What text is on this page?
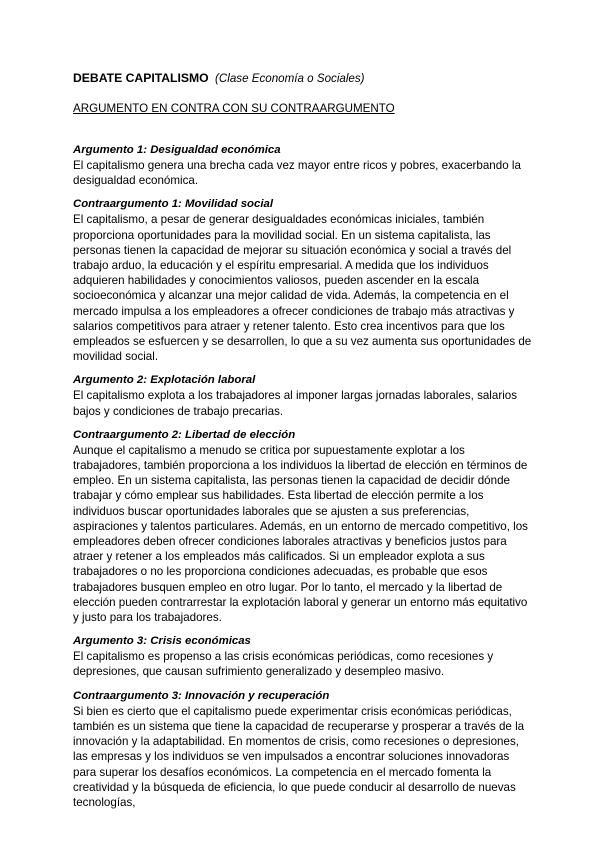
DEBATE CAPITALISMO (Clase Economía o Sociales)

ARGUMENTO EN CONTRA CON SU CONTRAARGUMENTO

Argumento 1: Desigualdad económica

El capitalismo genera una brecha cada vez mayor entre ricos y pobres, exacerbando la desigualdad económica.

Contraargumento 1: Movilidad social

El capitalismo, a pesar de generar desigualdades económicas iniciales, también proporciona oportunidades para la movilidad social. En un sistema capitalista, las personas tienen la capacidad de mejorar su situación económica y social a través del trabajo arduo, la educación y el espíritu empresarial. A medida que los individuos adquieren habilidades y conocimientos valiosos, pueden ascender en la escala socioeconómica y alcanzar una mejor calidad de vida. Además, la competencia en el mercado impulsa a los empleadores a ofrecer condiciones de trabajo más atractivas y salarios competitivos para atraer y retener talento. Esto crea incentivos para que los empleados se esfuercen y se desarrollen, lo que a su vez aumenta sus oportunidades de movilidad social.

Argumento 2: Explotación laboral

El capitalismo explota a los trabajadores al imponer largas jornadas laborales, salarios bajos y condiciones de trabajo precarias.

Contraargumento 2: Libertad de elección

Aunque el capitalismo a menudo se critica por supuestamente explotar a los trabajadores, también proporciona a los individuos la libertad de elección en términos de empleo. En un sistema capitalista, las personas tienen la capacidad de decidir dónde trabajar y cómo emplear sus habilidades. Esta libertad de elección permite a los individuos buscar oportunidades laborales que se ajusten a sus preferencias, aspiraciones y talentos particulares. Además, en un entorno de mercado competitivo, los empleadores deben ofrecer condiciones laborales atractivas y beneficios justos para atraer y retener a los empleados más calificados. Si un empleador explota a sus trabajadores o no les proporciona condiciones adecuadas, es probable que esos trabajadores busquen empleo en otro lugar. Por lo tanto, el mercado y la libertad de elección pueden contrarrestar la explotación laboral y generar un entorno más equitativo y justo para los trabajadores.

Argumento 3: Crisis económicas

El capitalismo es propenso a las crisis económicas periódicas, como recesiones y depresiones, que causan sufrimiento generalizado y desempleo masivo.

Contraargumento 3: Innovación y recuperación

Si bien es cierto que el capitalismo puede experimentar crisis económicas periódicas, también es un sistema que tiene la capacidad de recuperarse y prosperar a través de la innovación y la adaptabilidad. En momentos de crisis, como recesiones o depresiones, las empresas y los individuos se ven impulsados a encontrar soluciones innovadoras para superar los desafíos económicos. La competencia en el mercado fomenta la creatividad y la búsqueda de eficiencia, lo que puede conducir al desarrollo de nuevas tecnologías,
